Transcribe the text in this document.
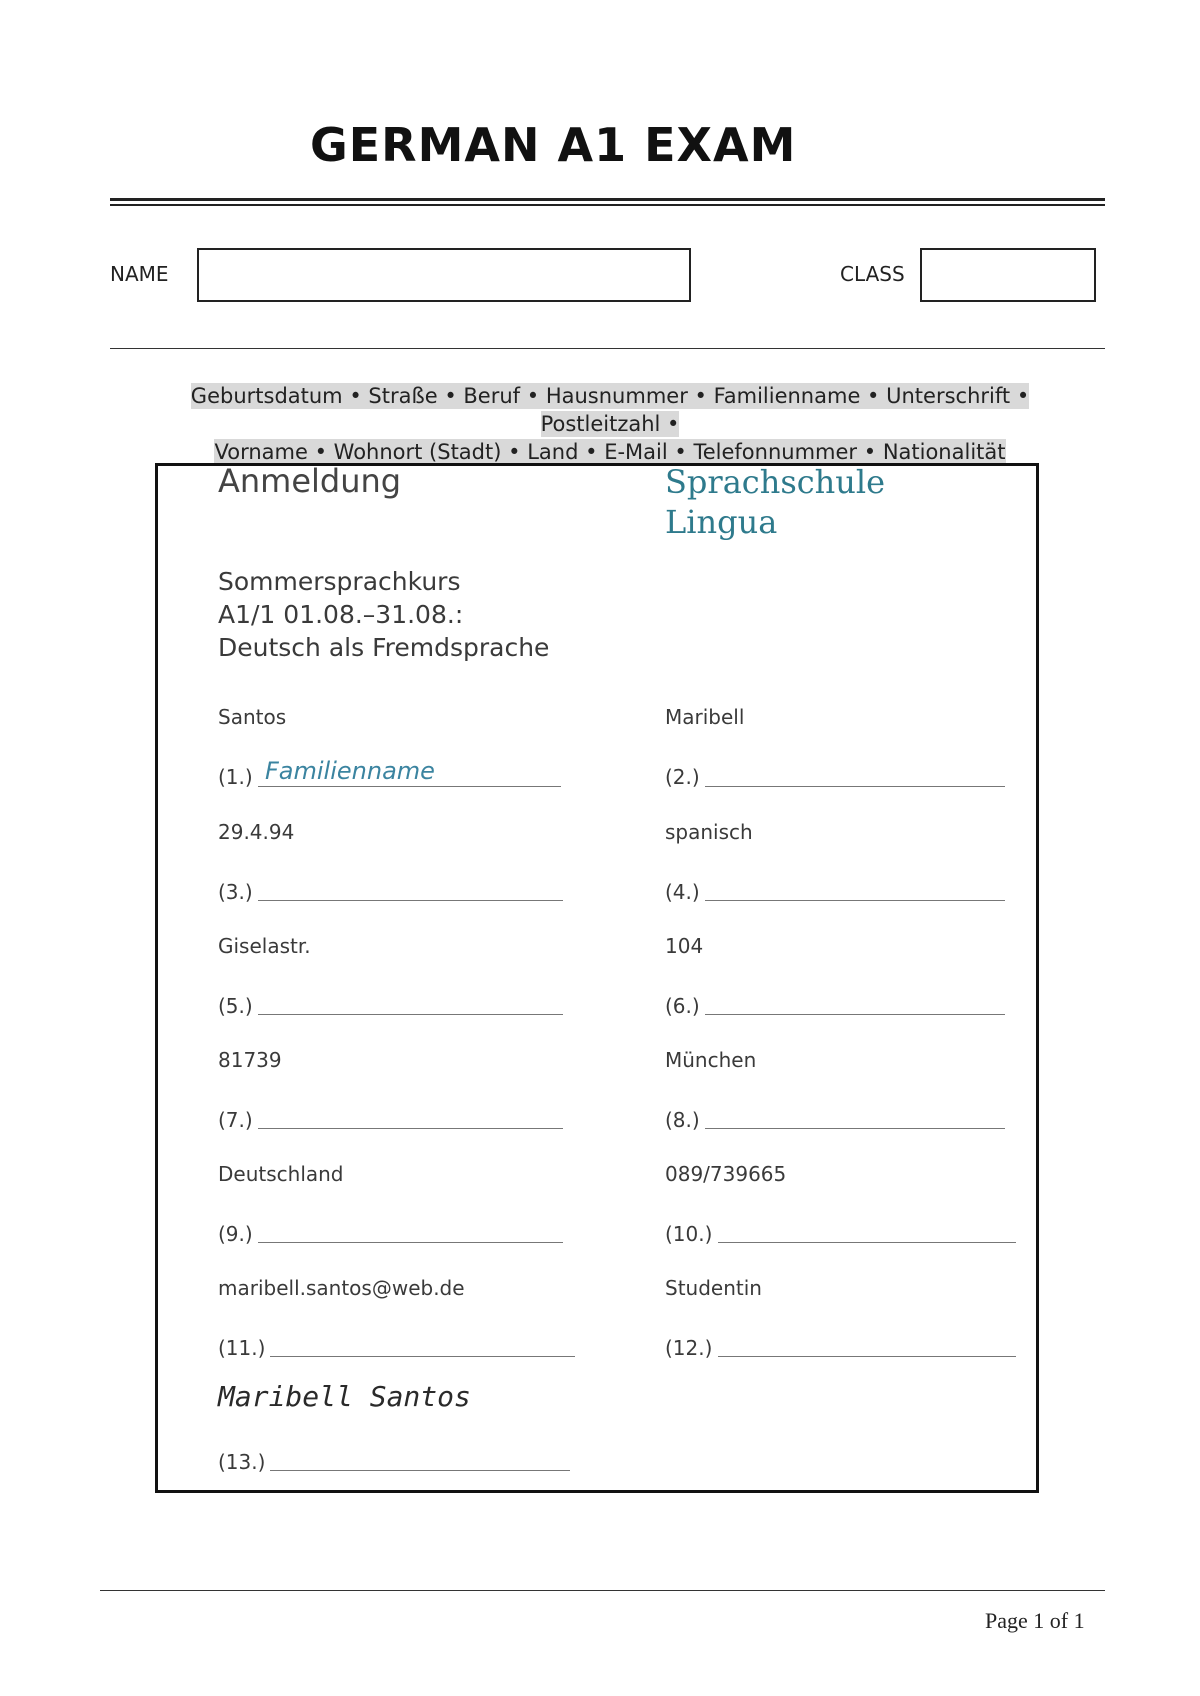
GERMAN A1 EXAM
NAME	CLASS
Geburtsdatum • Straße • Beruf • Hausnummer • Familienname • Unterschrift • Postleitzahl •
Vorname • Wohnort (Stadt) • Land • E-Mail • Telefonnummer • Nationalität
Anmeldung	Sprachschule
Lingua
Sommersprachkurs
A1/1 01.08.–31.08.:
Deutsch als Fremdsprache
Santos	Maribell
(1.) Familienname	(2.)
29.4.94	spanisch
(3.)	(4.)
Giselastr.	104
(5.)	(6.)
81739	München
(7.)	(8.)
Deutschland	089/739665
(9.)	(10.)
maribell.santos@web.de	Studentin
(11.)	(12.)
Maribell Santos
(13.)
Page 1 of 1
